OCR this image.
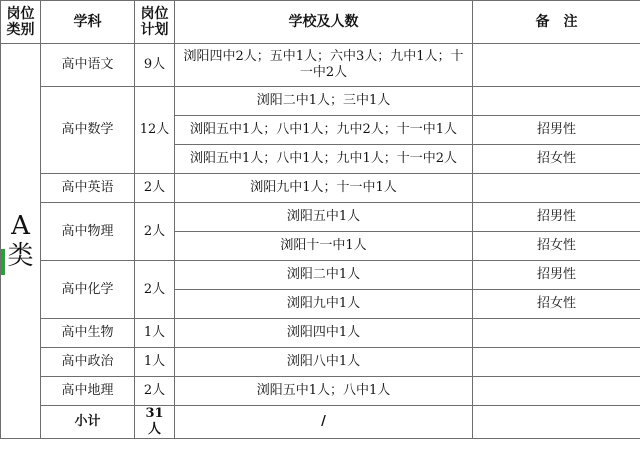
岗位类别	学科	岗位计划	学校及人数	备　注

A类	高中语文	9人	浏阳四中2人；五中1人；六中3人；九中1人；十一中2人	
	高中数学	12人	浏阳二中1人；三中1人	
			浏阳五中1人；八中1人；九中2人；十一中1人	招男性
			浏阳五中1人；八中1人；九中1人；十一中2人	招女性
	高中英语	2人	浏阳九中1人；十一中1人	
	高中物理	2人	浏阳五中1人	招男性
			浏阳十一中1人	招女性
	高中化学	2人	浏阳二中1人	招男性
			浏阳九中1人	招女性
	高中生物	1人	浏阳四中1人	
	高中政治	1人	浏阳八中1人	
	高中地理	2人	浏阳五中1人；八中1人	
	小计	31人	/	
